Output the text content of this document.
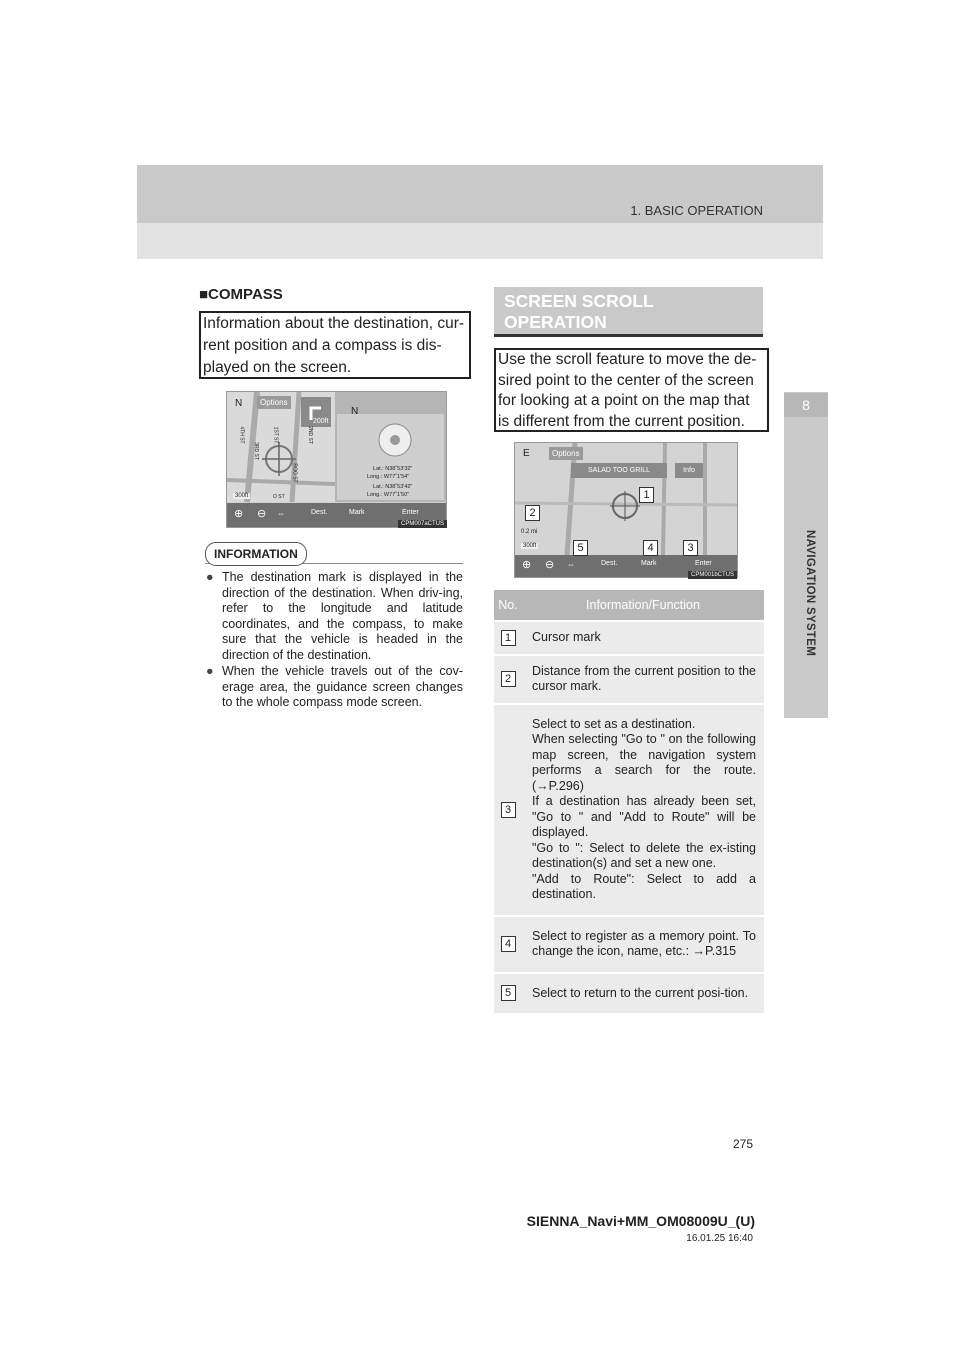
1. BASIC OPERATION
8
NAVIGATION SYSTEM
■COMPASS
Information about the destination, cur-rent position and a compass is dis-played on the screen.
N	Options
200ft
N
Lat.: N38˚53'32"
Long.: W77˚1'54"
Lat.: N38˚53'42"
Long.: W77˚1'50"
300ft
4TH ST	2ND ST
3RD ST
1ST ST
O ST
ROO ST
⊕ ⊖ ⇔	Dest.	Mark	Enter
CPM007aCTUS
INFORMATION
● The destination mark is displayed in the direction of the destination. When driv-ing, refer to the longitude and latitude coordinates, and the compass, to make sure that the vehicle is headed in the direction of the destination.
● When the vehicle travels out of the cov-erage area, the guidance screen changes to the whole compass mode screen.
SCREEN SCROLL OPERATION
Use the scroll feature to move the de-sired point to the center of the screen for looking at a point on the map that is different from the current position.
E	Options
SALAD TOO GRILL	Info
0.2 mi
300ft
⊕ ⊖ ⇔	Dest.	Mark	Enter
1
2
5	4	3
CPM001bCTUS
No.	Information/Function
1	Cursor mark

2	Distance from the current position to the cursor mark.

3	Select to set as a destination.
When selecting "Go to " on the following map screen, the navigation system performs a search for the route. (→P.296)
If a destination has already been set, "Go to " and "Add to Route" will be displayed.
"Go to ": Select to delete the ex-isting destination(s) and set a new one.
"Add to Route": Select to add a destination.

4	Select to register as a memory point. To change the icon, name, etc.: →P.315

5	Select to return to the current posi-tion.
275
SIENNA_Navi+MM_OM08009U_(U)
16.01.25 16:40
